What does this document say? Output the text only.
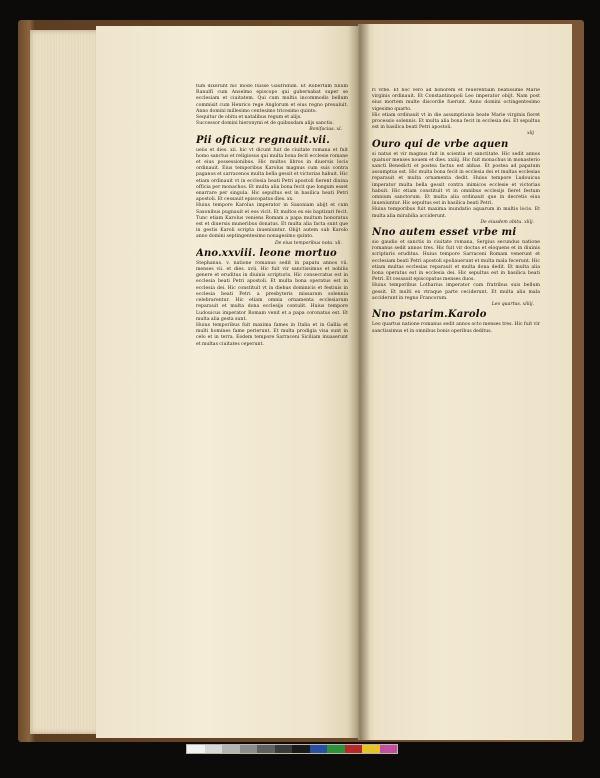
tum dixerunt hic modo fuisse Gaufridum. Et Robertum filium Ranulfi cum Anselmo episcopo qui gubernabat super se ecclesiam et ciuitatem. Qui cum multis incommodis bellum commisit cum Henrico rege Anglorum et eius regno preualuit. Anno domini millesimo centesimo tricesimo quinto.

Sequitur de obitu et natalibus regum et alijs.

Successor domini hieronymi et de quibusdam alijs sanctis.

Bonifacius. xl.

Pii ofticuz regnauit.vii.

ueiis et dies. xii. hic vt dicunt fuit de ciuitate romana et fuit homo sanctus et religiosus qui multa bona fecit ecclesie romane et eius possessionibus. Hic multos libros in diuersis locis ordinauit. Eius temporibus Karolus magnus cum suis contra paganos et sarracenos multa bella gessit et victorias habuit. Hic etiam ordinauit vt in ecclesia beati Petri apostoli fierent diuina officia per monachos. Et multa alia bona fecit que longum esset enarrare per singula. Hic sepultus est in basilica beati Petri apostoli. Et cessauit episcopatus dies. xx.

Huius tempore Karolus imperator in Saxoniam abijt et cum Saxonibus pugnauit et eos vicit. Et multos ex eis baptizari fecit. Tunc etiam Karolus veniens Romam a papa multum honoratus est et diuersis muneribus donatus. Et multa alia facta sunt que in gestis Karoli scripta inueniuntur. Obijt autem sub Karolo anno domini septingentesimo nonagesimo quinto.

De eius temporibus nota. xli.

Ano.xxviii. leone mortuo

Stephanus. v. natione romanus sedit in papatu annos vii. menses vii. et dies. xvii. Hic fuit vir sanctissimus et nobilis genere et eruditus in diuinis scripturis. Hic consecratus est in ecclesia beati Petri apostoli. Et multa bona operatus est in ecclesia dei. Hic constituit vt in diebus dominicis et festiuis in ecclesia beati Petri a presbyteris missarum solennia celebrarentur. Hic etiam omnia ornamenta ecclesiarum reparauit et multa dona ecclesijs contulit. Huius tempore Ludouicus imperator Romam venit et a papa coronatus est. Et multa alia gesta sunt.

Huius temporibus fuit maxima fames in Italia et in Gallia et multi homines fame perierunt. Et multa prodigia visa sunt in celo et in terra. Eodem tempore Sarraceni Siciliam inuaserunt et multas ciuitates ceperunt.

ri vrbe. Et hoc vero ad honorem et reuerentiam beatissime Marie virginis ordinauit. Et Constantinopoli Leo imperator obijt. Nam post eius mortem multe discordie fuerunt. Anno domini octingentesimo vigesimo quarto.

Hic etiam ordinauit vt in die assumptionis beate Marie virginis fieret processio solennis. Et multa alia bona fecit in ecclesia dei. Et sepultus est in basilica beati Petri apostoli.

xlij

Ouro qui de vrbe aquen

si natus et vir magnus fuit in scientia et sanctitate. Hic sedit annos quatuor menses nouem et dies. xxiiij. Hic fuit monachus in monasterio sancti Benedicti et postea factus est abbas. Et postea ad papatum assumptus est. Hic multa bona fecit in ecclesia dei et multas ecclesias reparauit et multa ornamenta dedit. Huius tempore Ludouicus imperator multa bella gessit contra inimicos ecclesie et victorias habuit. Hic etiam constituit vt in omnibus ecclesijs fieret festum omnium sanctorum. Et multa alia ordinauit que in decretis eius inueniuntur. Hic sepultus est in basilica beati Petri.

Huius temporibus fuit maxima inundatio aquarum in multis locis. Et multa alia mirabilia acciderunt.

De eiusdem obitu. xliij.

Nno autem esset vrbe mi

sio gaudio et sanctis in ciuitate romana, Sergius secundus natione romanus sedit annos tres. Hic fuit vir doctus et eloquens et in diuinis scripturis eruditus. Huius tempore Sarraceni Romam venerunt et ecclesiam beati Petri apostoli spoliauerunt et multa mala fecerunt. Hic etiam multas ecclesias reparauit et multa dona dedit. Et multa alia bona operatus est in ecclesia dei. Hic sepultus est in basilica beati Petri. Et cessauit episcopatus menses duos.

Huius temporibus Lotharius imperator cum fratribus suis bellum gessit. Et multi ex vtraque parte ceciderunt. Et multa alia mala acciderunt in regno Francorum.

Leo quartus. xliiij.

Nno pstarim.Karolo

Leo quartus natione romanus sedit annos octo menses tres. Hic fuit vir sanctissimus et in omnibus bonis operibus deditus.
